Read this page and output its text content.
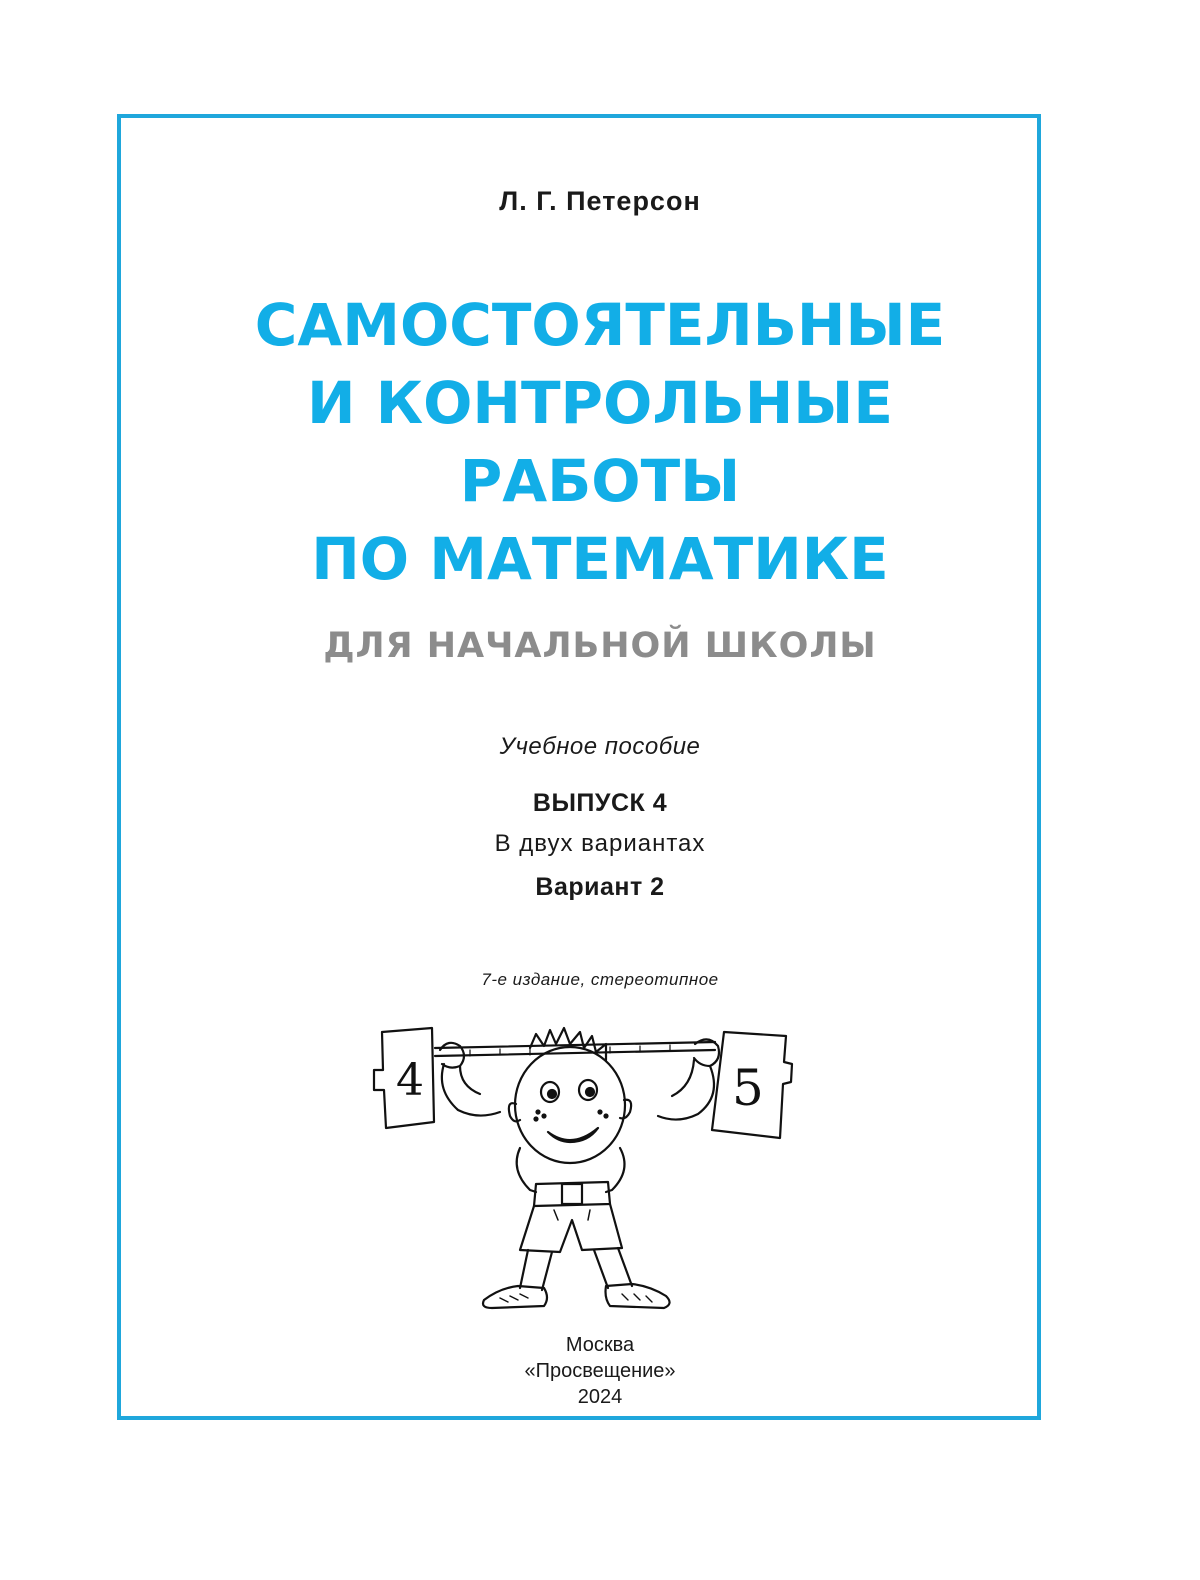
Л. Г. Петерсон
САМОСТОЯТЕЛЬНЫЕ
И КОНТРОЛЬНЫЕ
РАБОТЫ
ПО МАТЕМАТИКЕ
ДЛЯ НАЧАЛЬНОЙ ШКОЛЫ
Учебное пособие
ВЫПУСК 4
В двух вариантах
Вариант 2
7-е издание, стереотипное
4	5
Москва
«Просвещение»
2024
